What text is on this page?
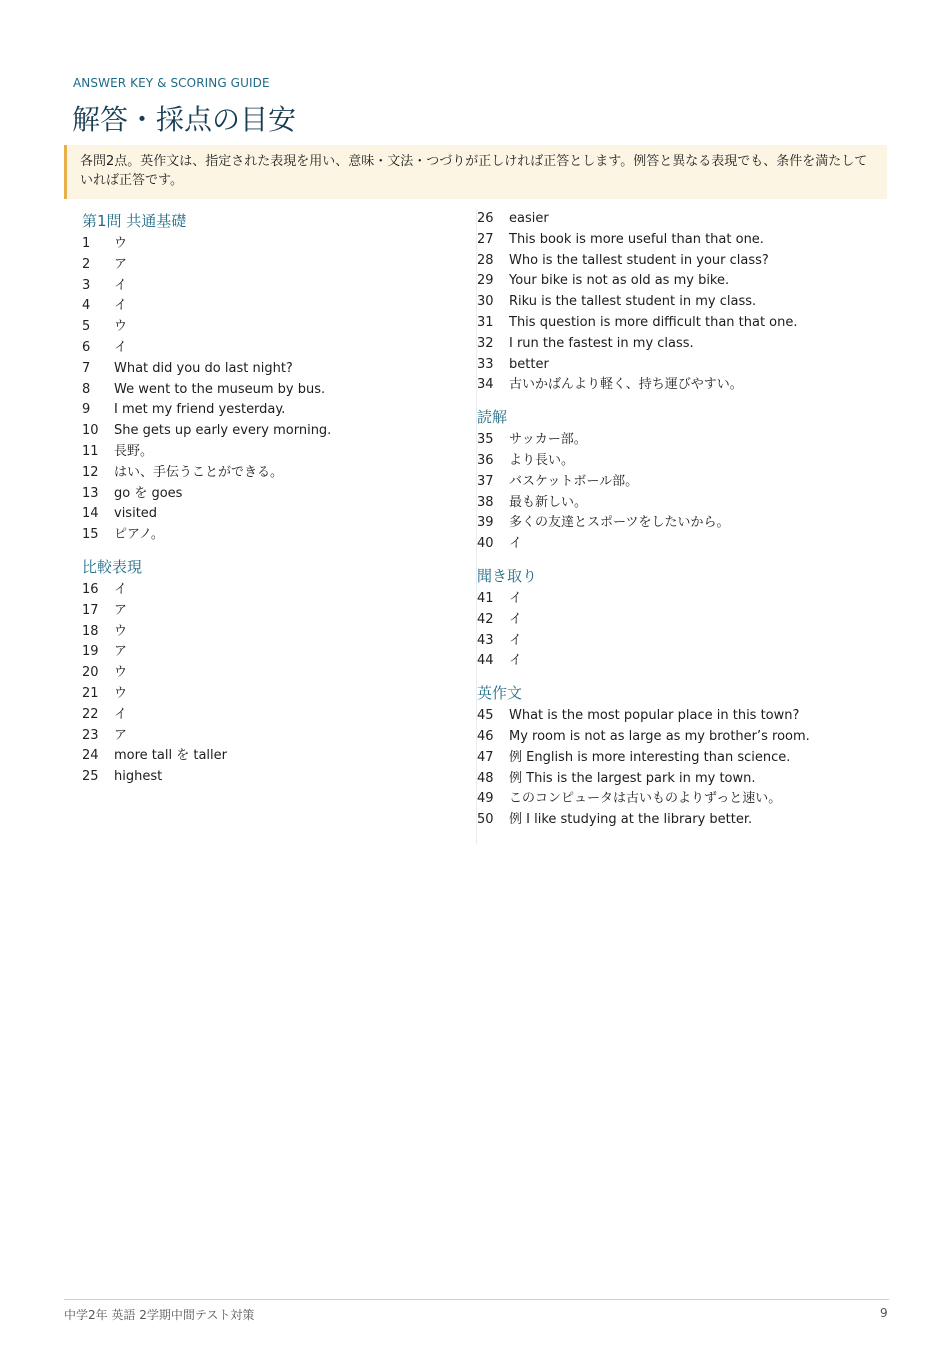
ANSWER KEY & SCORING GUIDE
解答・採点の目安
各問2点。英作文は、指定された表現を用い、意味・文法・つづりが正しければ正答とします。例答と異なる表現でも、条件を満たしていれば正答です。
第1問 共通基礎
1	ウ
2	ア
3	イ
4	イ
5	ウ
6	イ
7	What did you do last night?
8	We went to the museum by bus.
9	I met my friend yesterday.
10	She gets up early every morning.
11	長野。
12	はい、手伝うことができる。
13	go を goes
14	visited
15	ピアノ。
比較表現
16	イ
17	ア
18	ウ
19	ア
20	ウ
21	ウ
22	イ
23	ア
24	more tall を taller
25	highest
26	easier
27	This book is more useful than that one.
28	Who is the tallest student in your class?
29	Your bike is not as old as my bike.
30	Riku is the tallest student in my class.
31	This question is more difficult than that one.
32	I run the fastest in my class.
33	better
34	古いかばんより軽く、持ち運びやすい。
読解
35	サッカー部。
36	より長い。
37	バスケットボール部。
38	最も新しい。
39	多くの友達とスポーツをしたいから。
40	イ
聞き取り
41	イ
42	イ
43	イ
44	イ
英作文
45	What is the most popular place in this town?
46	My room is not as large as my brother’s room.
47	例 English is more interesting than science.
48	例 This is the largest park in my town.
49	このコンピュータは古いものよりずっと速い。
50	例 I like studying at the library better.
中学2年 英語 2学期中間テスト対策	9
